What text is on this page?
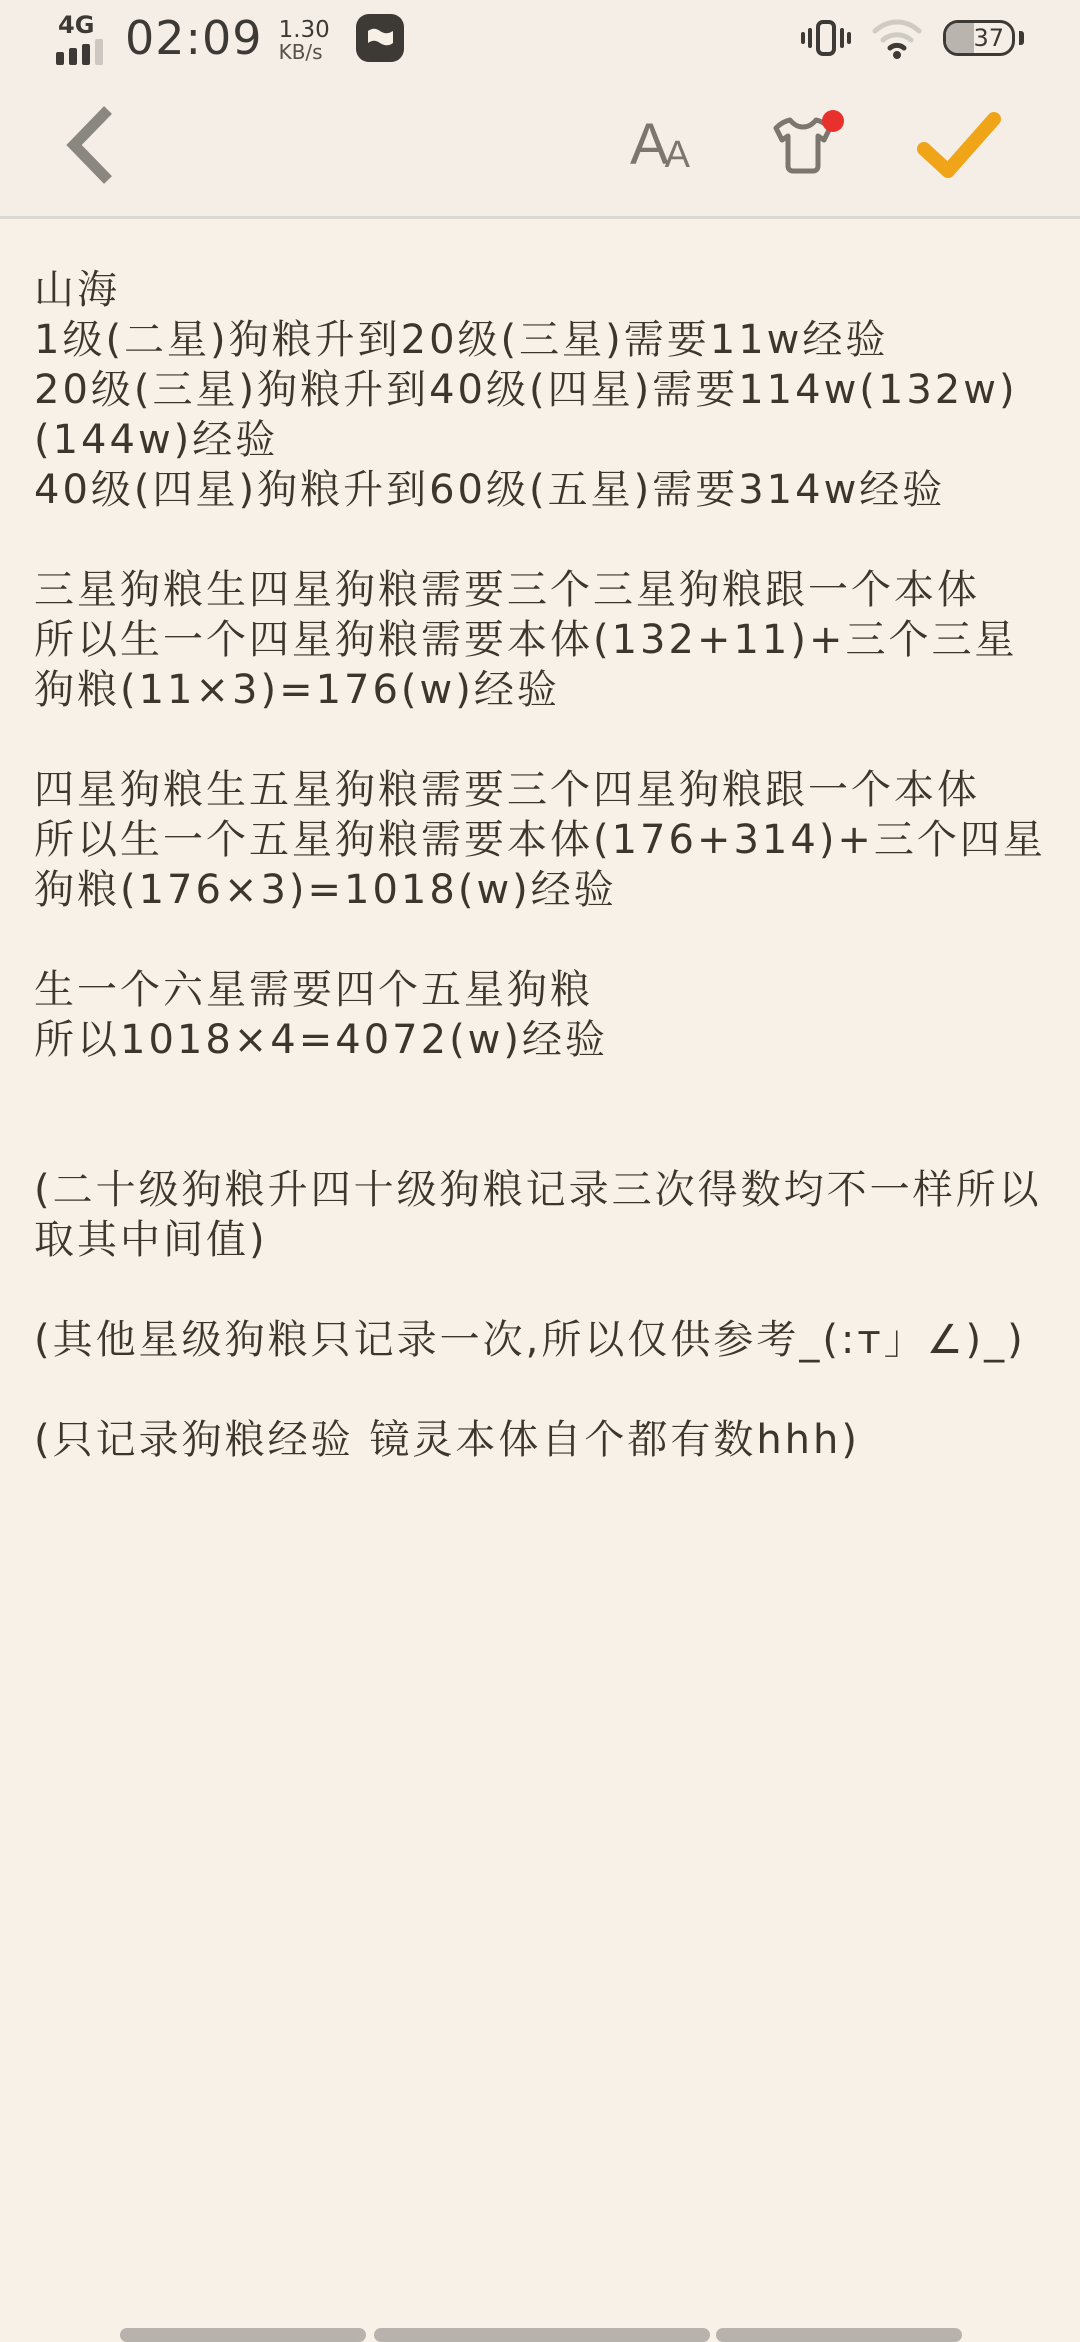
4G 02:09 1.30
KB/s	37
A
A

山海

1级(二星)狗粮升到20级(三星)需要11w经验

20级(三星)狗粮升到40级(四星)需要114w(132w)(144w)经验

40级(四星)狗粮升到60级(五星)需要314w经验

三星狗粮生四星狗粮需要三个三星狗粮跟一个本体

所以生一个四星狗粮需要本体(132+11)+三个三星狗粮(11×3)=176(w)经验

四星狗粮生五星狗粮需要三个四星狗粮跟一个本体

所以生一个五星狗粮需要本体(176+314)+三个四星狗粮(176×3)=1018(w)经验

生一个六星需要四个五星狗粮

所以1018×4=4072(w)经验

(二十级狗粮升四十级狗粮记录三次得数均不一样所以取其中间值)

(其他星级狗粮只记录一次,所以仅供参考_(:т」∠)_)

(只记录狗粮经验 镜灵本体自个都有数hhh)
